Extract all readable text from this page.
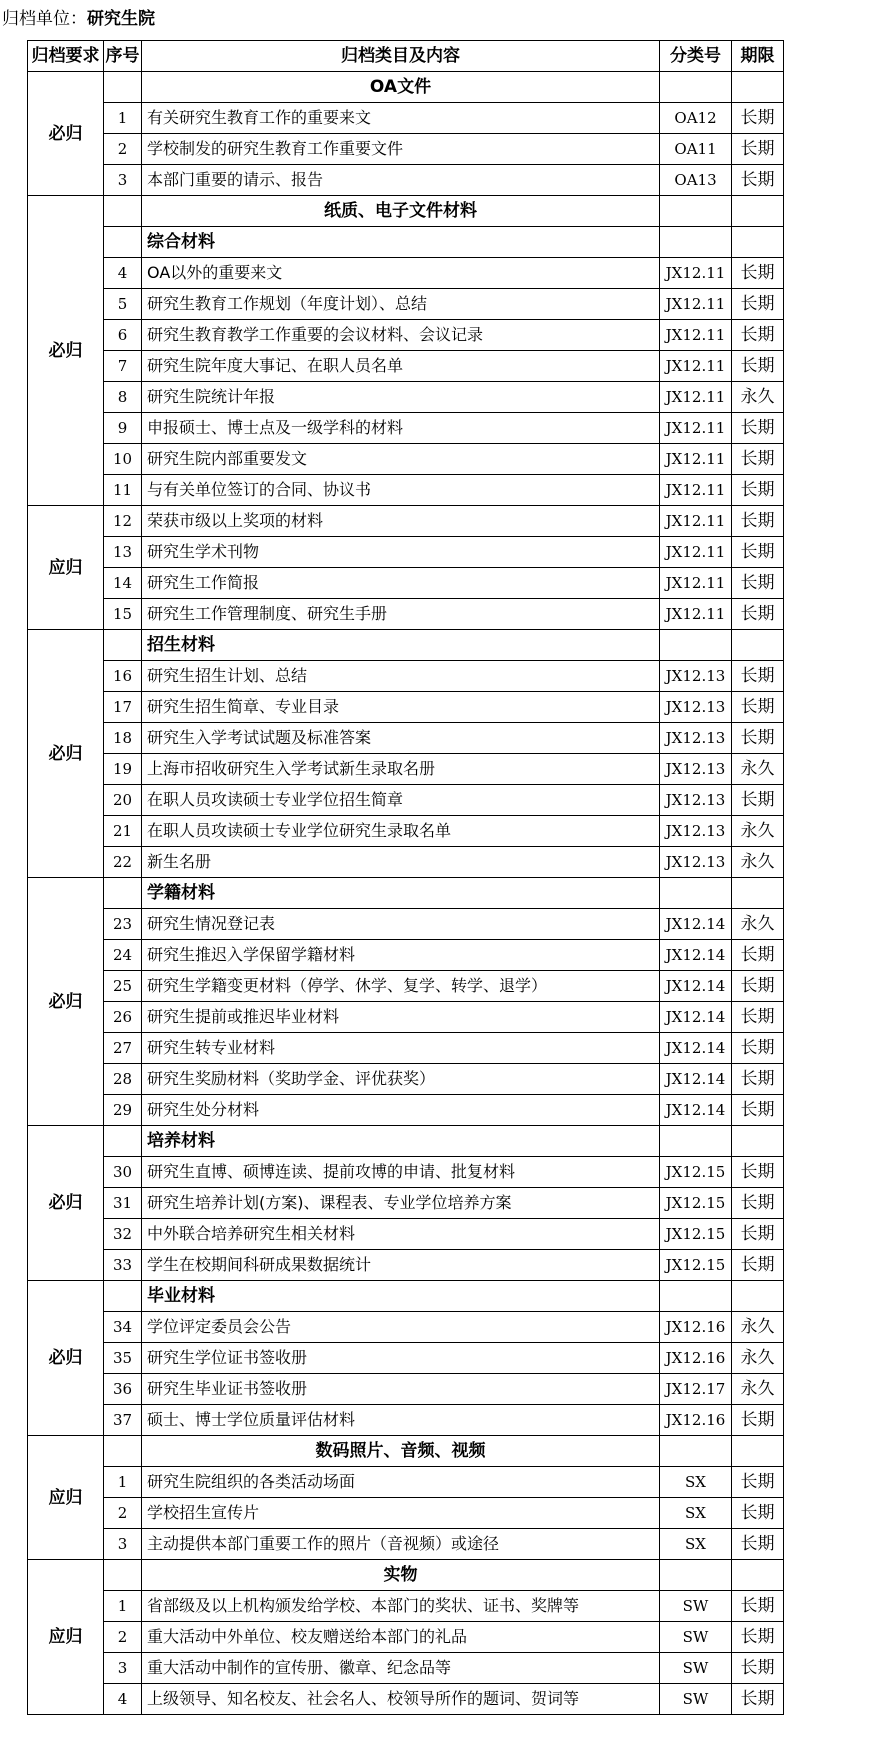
归档单位：研究生院
归档要求	序号	归档类目及内容	分类号	期限
必归		OA文件		
	1	有关研究生教育工作的重要来文	OA12	长期
	2	学校制发的研究生教育工作重要文件	OA11	长期
	3	本部门重要的请示、报告	OA13	长期
必归		纸质、电子文件材料		
		综合材料		
	4	OA以外的重要来文	JX12.11	长期
	5	研究生教育工作规划（年度计划）、总结	JX12.11	长期
	6	研究生教育教学工作重要的会议材料、会议记录	JX12.11	长期
	7	研究生院年度大事记、在职人员名单	JX12.11	长期
	8	研究生院统计年报	JX12.11	永久
	9	申报硕士、博士点及一级学科的材料	JX12.11	长期
	10	研究生院内部重要发文	JX12.11	长期
	11	与有关单位签订的合同、协议书	JX12.11	长期
应归	12	荣获市级以上奖项的材料	JX12.11	长期
	13	研究生学术刊物	JX12.11	长期
	14	研究生工作简报	JX12.11	长期
	15	研究生工作管理制度、研究生手册	JX12.11	长期
必归		招生材料		
	16	研究生招生计划、总结	JX12.13	长期
	17	研究生招生简章、专业目录	JX12.13	长期
	18	研究生入学考试试题及标准答案	JX12.13	长期
	19	上海市招收研究生入学考试新生录取名册	JX12.13	永久
	20	在职人员攻读硕士专业学位招生简章	JX12.13	长期
	21	在职人员攻读硕士专业学位研究生录取名单	JX12.13	永久
	22	新生名册	JX12.13	永久
必归		学籍材料		
	23	研究生情况登记表	JX12.14	永久
	24	研究生推迟入学保留学籍材料	JX12.14	长期
	25	研究生学籍变更材料（停学、休学、复学、转学、退学）	JX12.14	长期
	26	研究生提前或推迟毕业材料	JX12.14	长期
	27	研究生转专业材料	JX12.14	长期
	28	研究生奖励材料（奖助学金、评优获奖）	JX12.14	长期
	29	研究生处分材料	JX12.14	长期
必归		培养材料		
	30	研究生直博、硕博连读、提前攻博的申请、批复材料	JX12.15	长期
	31	研究生培养计划(方案)、课程表、专业学位培养方案	JX12.15	长期
	32	中外联合培养研究生相关材料	JX12.15	长期
	33	学生在校期间科研成果数据统计	JX12.15	长期
必归		毕业材料		
	34	学位评定委员会公告	JX12.16	永久
	35	研究生学位证书签收册	JX12.16	永久
	36	研究生毕业证书签收册	JX12.17	永久
	37	硕士、博士学位质量评估材料	JX12.16	长期
应归		数码照片、音频、视频		
	1	研究生院组织的各类活动场面	SX	长期
	2	学校招生宣传片	SX	长期
	3	主动提供本部门重要工作的照片（音视频）或途径	SX	长期
应归		实物		
	1	省部级及以上机构颁发给学校、本部门的奖状、证书、奖牌等	SW	长期
	2	重大活动中外单位、校友赠送给本部门的礼品	SW	长期
	3	重大活动中制作的宣传册、徽章、纪念品等	SW	长期
	4	上级领导、知名校友、社会名人、校领导所作的题词、贺词等	SW	长期
